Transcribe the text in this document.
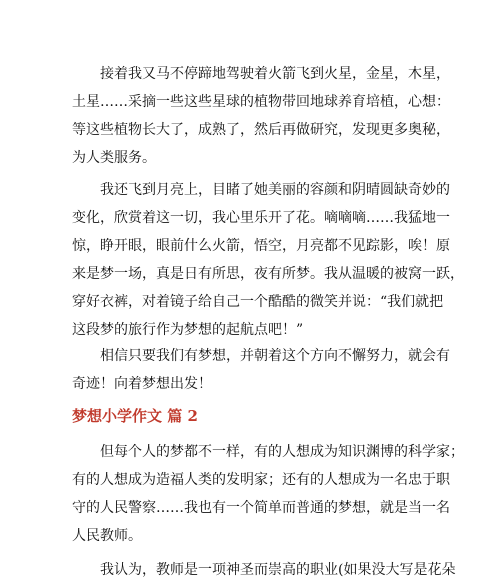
接着我又马不停蹄地驾驶着火箭飞到火星，金星，木星，
土星……采摘一些这些星球的植物带回地球养育培植，心想：
等这些植物长大了，成熟了，然后再做研究，发现更多奥秘，
为人类服务。

我还飞到月亮上，目睹了她美丽的容颜和阴晴圆缺奇妙的
变化，欣赏着这一切，我心里乐开了花。嘀嘀嘀……我猛地一
惊，睁开眼，眼前什么火箭，悟空，月亮都不见踪影，唉！原
来是梦一场，真是日有所思，夜有所梦。我从温暖的被窝一跃，
穿好衣裤，对着镜子给自己一个酷酷的微笑并说：“我们就把
这段梦的旅行作为梦想的起航点吧！”

相信只要我们有梦想，并朝着这个方向不懈努力，就会有
奇迹！向着梦想出发！

梦想小学作文 篇 2

但每个人的梦都不一样，有的人想成为知识渊博的科学家；
有的人想成为造福人类的发明家；还有的人想成为一名忠于职
守的人民警察……我也有一个简单而普通的梦想，就是当一名
人民教师。

我认为，教师是一项神圣而崇高的职业(如果没大写是花朵
